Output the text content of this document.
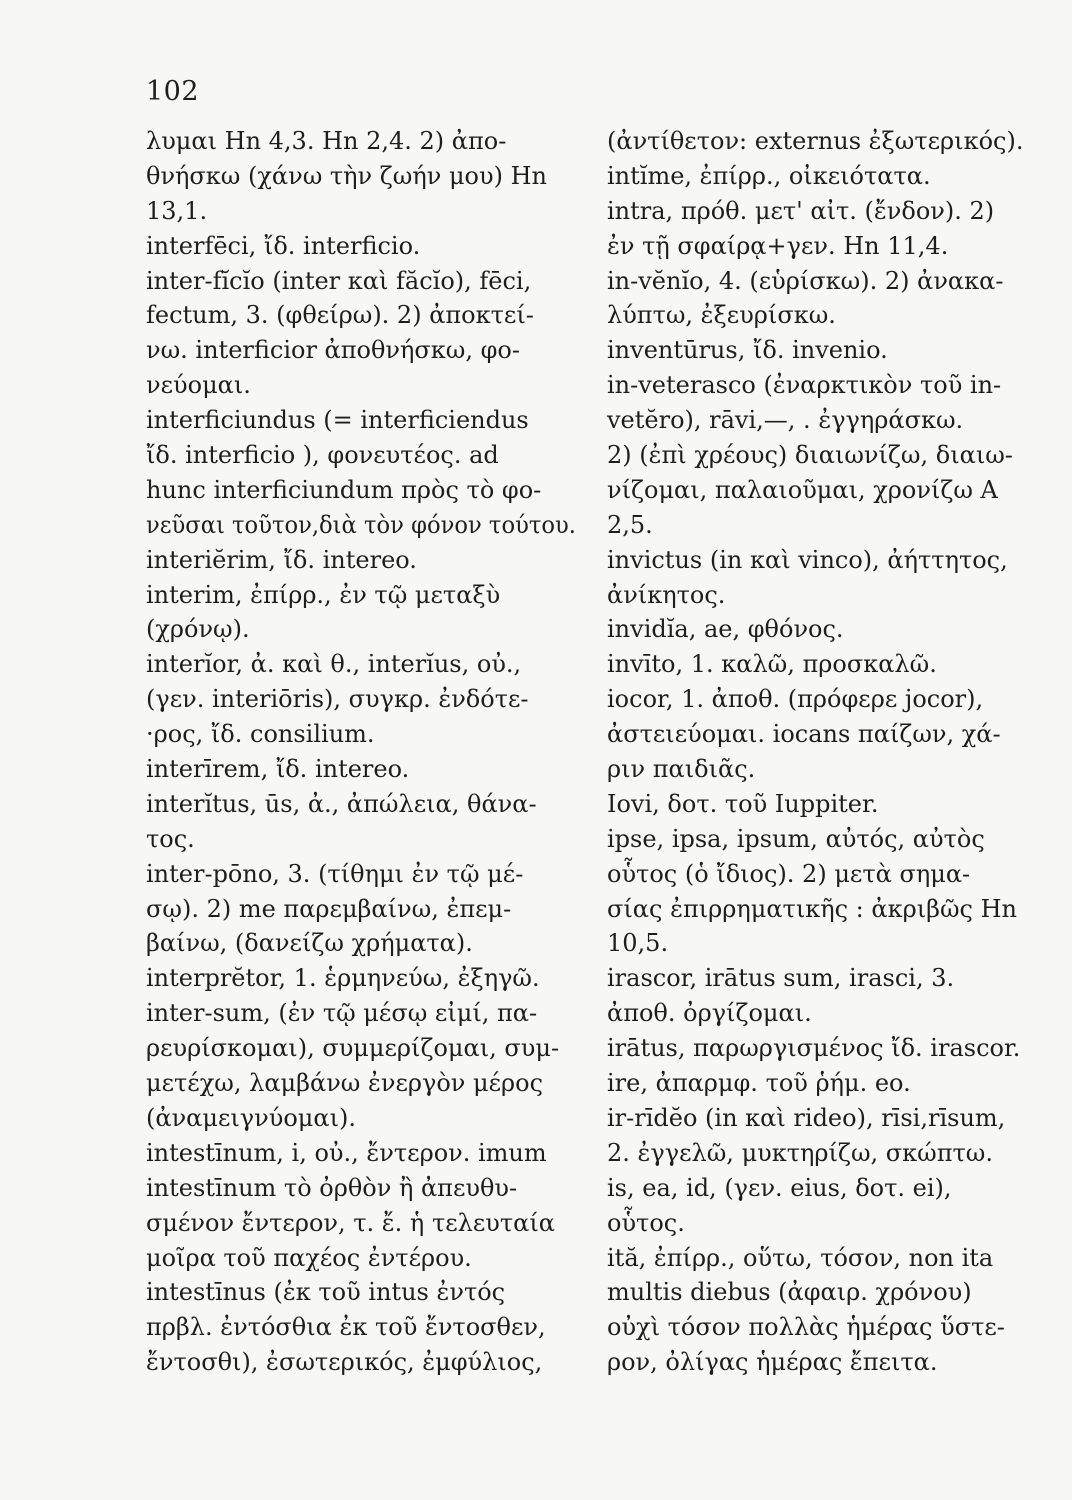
102
λυμαι Hn 4,3. Hn 2,4. 2) ἀπο-
θνήσκω (χάνω τὴν ζωήν μου) Hn
13,1.
interfēci, ἴδ. interficio.
inter-fĭcĭo (inter καὶ făcĭo), fēci,
fectum, 3. (φθείρω). 2) ἀποκτεί-
νω. interficior ἀποθνήσκω, φο-
νεύομαι.
interficiundus (= interficiendus
ἴδ. interficio ), φονευτέος. ad
hunc interficiundum πρὸς τὸ φο-
νεῦσαι τοῦτον,διὰ τὸν φόνον τούτου.
interiĕrim, ἴδ. intereo.
interim, ἐπίρρ., ἐν τῷ μεταξὺ
(χρόνῳ).
interĭor, ἀ. καὶ θ., interĭus, οὐ.,
(γεν. interiōris), συγκρ. ἐνδότε-
·ρος, ἴδ. consilium.
interīrem, ἴδ. intereo.
interĭtus, ūs, ἀ., ἀπώλεια, θάνα-
τος.
inter-pōno, 3. (τίθημι ἐν τῷ μέ-
σῳ). 2) me παρεμβαίνω, ἐπεμ-
βαίνω, (δανείζω χρήματα).
interprĕtor, 1. ἑρμηνεύω, ἐξηγῶ.
inter-sum, (ἐν τῷ μέσῳ εἰμί, πα-
ρευρίσκομαι), συμμερίζομαι, συμ-
μετέχω, λαμβάνω ἐνεργὸν μέρος
(ἀναμειγνύομαι).
intestīnum, i, οὐ., ἔντερον. imum
intestīnum τὸ ὀρθὸν ἢ ἀπευθυ-
σμένον ἔντερον, τ. ἔ. ἡ τελευταία
μοῖρα τοῦ παχέος ἐντέρου.
intestīnus (ἐκ τοῦ intus ἐντός
πρβλ. ἐντόσθια ἐκ τοῦ ἔντοσθεν,
ἔντοσθι), ἐσωτερικός, ἐμφύλιος,
(ἀντίθετον: externus ἐξωτερικός).
intĭme, ἐπίρρ., οἰκειότατα.
intra, πρόθ. μετ' αἰτ. (ἔνδον). 2)
ἐν τῇ σφαίρᾳ+γεν. Hn 11,4.
in-vĕnĭo, 4. (εὑρίσκω). 2) ἀνακα-
λύπτω, ἐξευρίσκω.
inventūrus, ἴδ. invenio.
in-veterasco (ἐναρκτικὸν τοῦ in-
vetĕro), rāvi,—, . ἐγγηράσκω.
2) (ἐπὶ χρέους) διαιωνίζω, διαιω-
νίζομαι, παλαιοῦμαι, χρονίζω A
2,5.
invictus (in καὶ vinco), ἀήττητος,
ἀνίκητος.
invidĭa, ae, φθόνος.
invīto, 1. καλῶ, προσκαλῶ.
iocor, 1. ἀποθ. (πρόφερε jocor),
ἀστειεύομαι. iocans παίζων, χά-
ριν παιδιᾶς.
Iovi, δοτ. τοῦ Iuppiter.
ipse, ipsa, ipsum, αὐτός, αὐτὸς
οὗτος (ὁ ἴδιος). 2) μετὰ σημα-
σίας ἐπιρρηματικῆς : ἀκριβῶς Hn
10,5.
irascor, irātus sum, irasci, 3.
ἀποθ. ὀργίζομαι.
irātus, παρωργισμένος ἴδ. irascor.
ire, ἀπαρμφ. τοῦ ῥήμ. eo.
ir-rīdĕo (in καὶ rideo), rīsi,rīsum,
2. ἐγγελῶ, μυκτηρίζω, σκώπτω.
is, ea, id, (γεν. eius, δοτ. ei),
οὗτος.
ită, ἐπίρρ., οὕτω, τόσον, non ita
multis diebus (ἀφαιρ. χρόνου)
οὐχὶ τόσον πολλὰς ἡμέρας ὕστε-
ρον, ὀλίγας ἡμέρας ἔπειτα.
